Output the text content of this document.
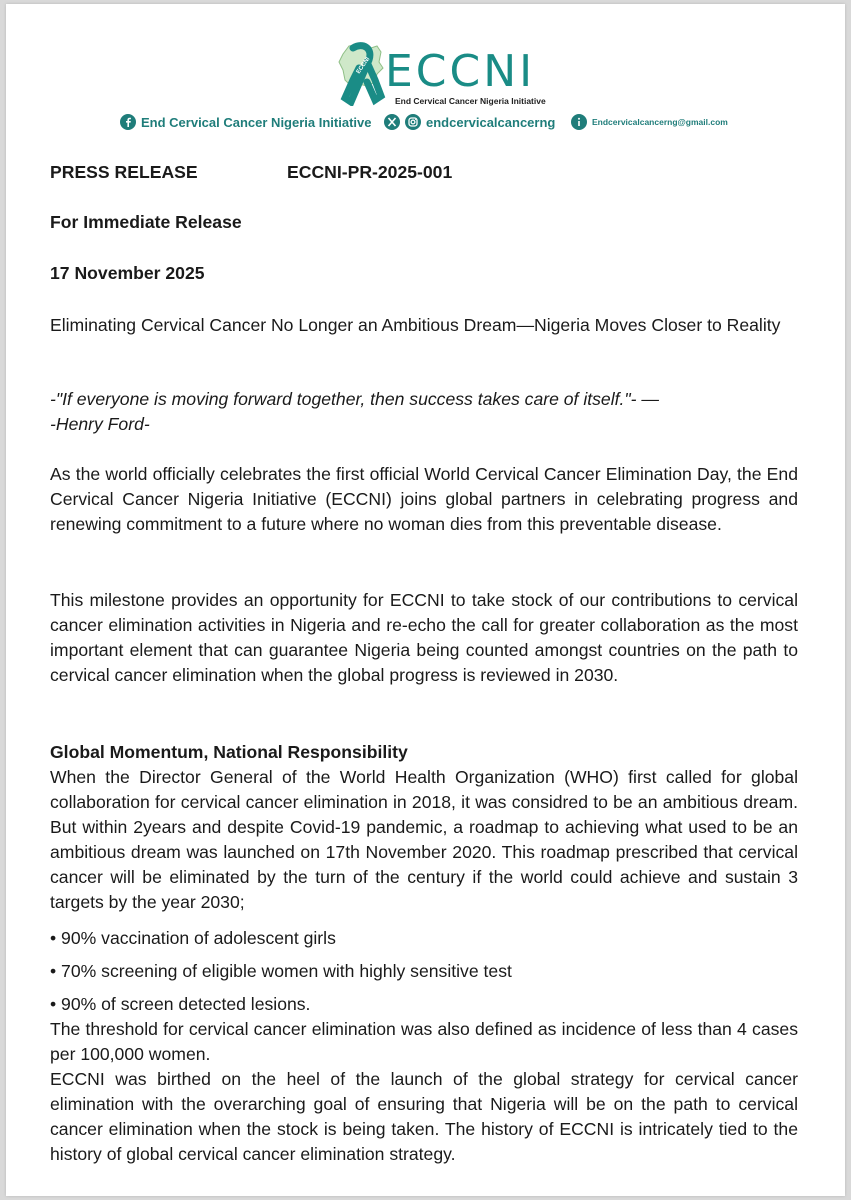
ECCNI ECCNI
End Cervical Cancer Nigeria Initiative
End Cervical Cancer Nigeria Initiative	endcervicalcancerng	Endcervicalcancerng@gmail.com
PRESS RELEASE	ECCNI-PR-2025-001
For Immediate Release
17 November 2025
Eliminating Cervical Cancer No Longer an Ambitious Dream—Nigeria Moves Closer to Reality
-"If everyone is moving forward together, then success takes care of itself."- —
-Henry Ford-
As the world officially celebrates the first official World Cervical Cancer Elimination Day, the End Cervical Cancer Nigeria Initiative (ECCNI) joins global partners in celebrating progress and renewing commitment to a future where no woman dies from this preventable disease.
This milestone provides an opportunity for ECCNI to take stock of our contributions to cervical cancer elimination activities in Nigeria and re-echo the call for greater collaboration as the most important element that can guarantee Nigeria being counted amongst countries on the path to cervical cancer elimination when the global progress is reviewed in 2030.
Global Momentum, National Responsibility
When the Director General of the World Health Organization (WHO) first called for global collaboration for cervical cancer elimination in 2018, it was considred to be an ambitious dream. But within 2years and despite Covid-19 pandemic, a roadmap to achieving what used to be an ambitious dream was launched on 17th November 2020. This roadmap prescribed that cervical cancer will be eliminated by the turn of the century if the world could achieve and sustain 3 targets by the year 2030;
• 90% vaccination of adolescent girls
• 70% screening of eligible women with highly sensitive test
• 90% of screen detected lesions.
The threshold for cervical cancer elimination was also defined as incidence of less than 4 cases per 100,000 women.
ECCNI was birthed on the heel of the launch of the global strategy for cervical cancer elimination with the overarching goal of ensuring that Nigeria will be on the path to cervical cancer elimination when the stock is being taken. The history of ECCNI is intricately tied to the history of global cervical cancer elimination strategy.
